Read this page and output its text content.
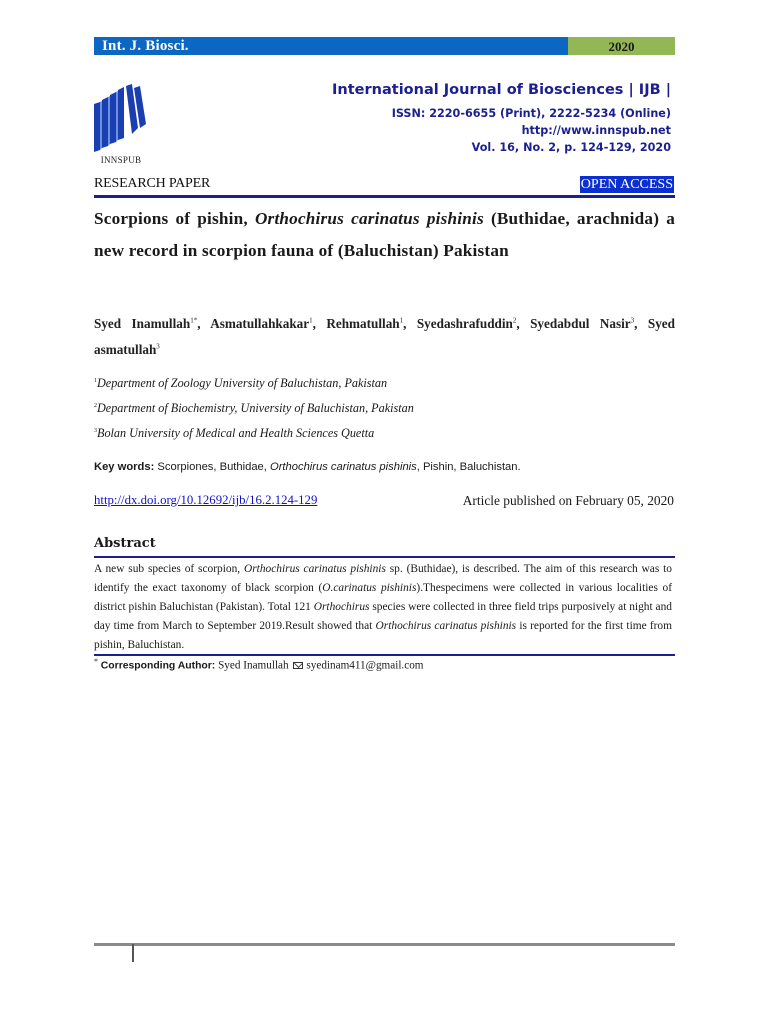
Int. J. Biosci.	2020
INNSPUB
International Journal of Biosciences | IJB |
ISSN: 2220-6655 (Print), 2222-5234 (Online)
http://www.innspub.net
Vol. 16, No. 2, p. 124-129, 2020
RESEARCH PAPER	OPEN ACCESS
Scorpions of pishin, Orthochirus carinatus pishinis (Buthidae, arachnida) a new record in scorpion fauna of (Baluchistan) Pakistan
Syed Inamullah$^{1*}$, Asmatullahkakar$^1$, Rehmatullah$^1$, Syedashrafuddin$^2$, Syedabdul Nasir$^3$, Syed asmatullah$^3$
$^1$Department of Zoology University of Baluchistan, Pakistan
$^2$Department of Biochemistry, University of Baluchistan, Pakistan
$^3$Bolan University of Medical and Health Sciences Quetta
Key words: Scorpiones, Buthidae, Orthochirus carinatus pishinis, Pishin, Baluchistan.
http://dx.doi.org/10.12692/ijb/16.2.124-129	Article published on February 05, 2020
Abstract
A new sub species of scorpion, Orthochirus carinatus pishinis sp. (Buthidae), is described. The aim of this research was to identify the exact taxonomy of black scorpion (O.carinatus pishinis).Thespecimens were collected in various localities of district pishin Baluchistan (Pakistan). Total 121 Orthochirus species were collected in three field trips purposively at night and day time from March to September 2019.Result showed that Orthochirus carinatus pishinis is reported for the first time from pishin, Baluchistan.
* Corresponding Author: Syed Inamullah syedinam411@gmail.com
